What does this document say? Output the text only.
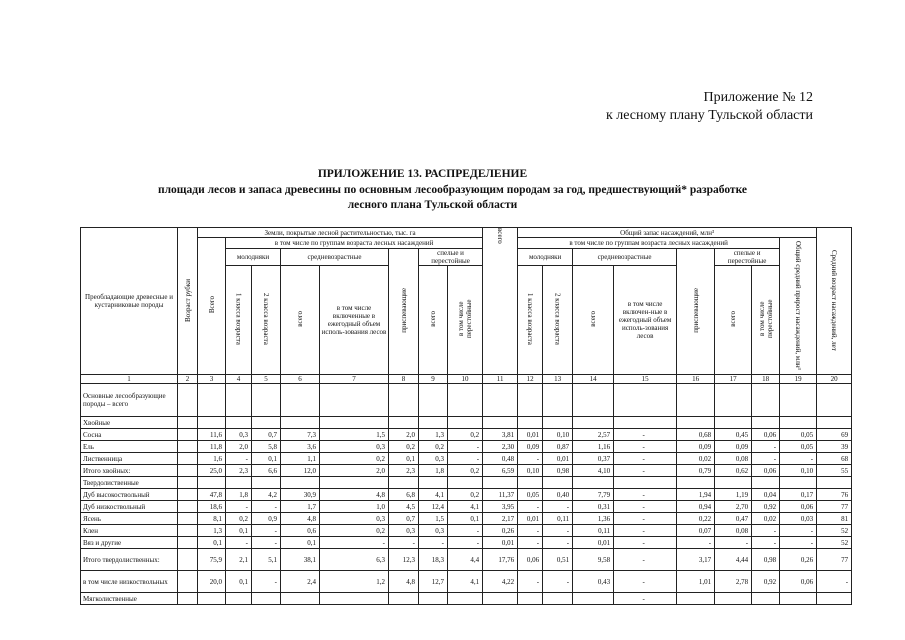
Приложение № 12
к лесному плану Тульской области
ПРИЛОЖЕНИЕ 13. РАСПРЕДЕЛЕНИЕ
площади лесов и запаса древесины по основным лесообразующим породам за год, предшествующий* разработке
лесного плана Тульской области
Преобладающие древесные и кустарниковые породы	Возраст рубки	Земли, покрытые лесной растительностью, тыс. га								всего	Общий запас насаждений, млн³								Средний возраст насаждений, лет
		Всего	в том числе по группам возраста лесных насаждений								в том числе по группам возраста лесных насаждений							Общий средний прирост насаждений, млн³	
			молодняки		средневозрастные		приспевающие	спелые и перестойные			молодняки		средневозрастные		приспевающие	спелые и перестойные			
			1 класса возраста	2 класса возраста	всего	в том числе включенные в ежегодный объем исполь-зования лесов		всего	в том числе перестойные		1 класса возраста	2 класса возраста	всего	в том числе включен-ные в ежегодный объем исполь-зования лесов		всего	в том числе перестойные		

1	2	3	4	5	6	7	8	9	10	11	12	13	14	15	16	17	18	19	20
Основные лесообразующие породы – всего																			
Хвойные																			
Сосна		11,6	0,3	0,7	7,3	1,5	2,0	1,3	0,2	3,81	0,01	0,10	2,57	-	0,68	0,45	0,06	0,05	69
Ель		11,8	2,0	5,8	3,6	0,3	0,2	0,2	-	2,30	0,09	0,87	1,16	-	0,09	0,09	-	0,05	39
Лиственница		1,6	-	0,1	1,1	0,2	0,1	0,3	-	0,48	-	0,01	0,37	-	0,02	0,08	-	-	68
Итого хвойных:		25,0	2,3	6,6	12,0	2,0	2,3	1,8	0,2	6,59	0,10	0,98	4,10	-	0,79	0,62	0,06	0,10	55
Твердолиственные																			
Дуб высокоствольный		47,8	1,8	4,2	30,9	4,8	6,8	4,1	0,2	11,37	0,05	0,40	7,79	-	1,94	1,19	0,04	0,17	76
Дуб низкоствольный		18,6	-	-	1,7	1,0	4,5	12,4	4,1	3,95	-	-	0,31	-	0,94	2,70	0,92	0,06	77
Ясень		8,1	0,2	0,9	4,8	0,3	0,7	1,5	0,1	2,17	0,01	0,11	1,36	-	0,22	0,47	0,02	0,03	81
Клен		1,3	0,1	-	0,6	0,2	0,3	0,3	-	0,26	-	-	0,11	-	0,07	0,08	-	-	52
Вяз и другие		0,1	-	-	0,1	-	-	-	-	0,01	-	-	0,01	-	-	-	-	-	52
Итого твердолиственных:		75,9	2,1	5,1	38,1	6,3	12,3	18,3	4,4	17,76	0,06	0,51	9,58	-	3,17	4,44	0,98	0,26	77
в том числе низкоствольных		20,0	0,1	-	2,4	1,2	4,8	12,7	4,1	4,22	-	-	0,43	-	1,01	2,78	0,92	0,06	-
Мягколиственные														-					
